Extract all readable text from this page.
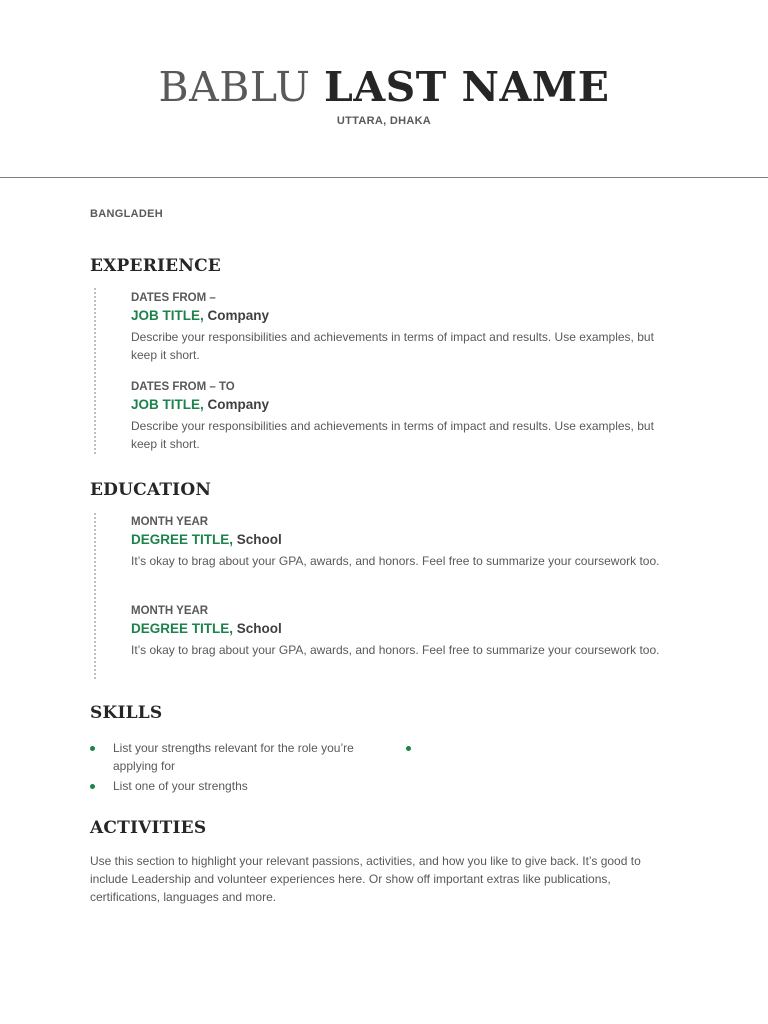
BABLU LAST NAME
UTTARA, DHAKA
BANGLADEH
EXPERIENCE
DATES FROM –
JOB TITLE, Company
Describe your responsibilities and achievements in terms of impact and results. Use examples, but keep it short.
DATES FROM – TO
JOB TITLE, Company
Describe your responsibilities and achievements in terms of impact and results. Use examples, but keep it short.
EDUCATION
MONTH YEAR
DEGREE TITLE, School
It’s okay to brag about your GPA, awards, and honors. Feel free to summarize your coursework too.
MONTH YEAR
DEGREE TITLE, School
It’s okay to brag about your GPA, awards, and honors. Feel free to summarize your coursework too.
SKILLS
List your strengths relevant for the role you’re applying for
List one of your strengths
ACTIVITIES
Use this section to highlight your relevant passions, activities, and how you like to give back. It’s good to include Leadership and volunteer experiences here. Or show off important extras like publications, certifications, languages and more.
